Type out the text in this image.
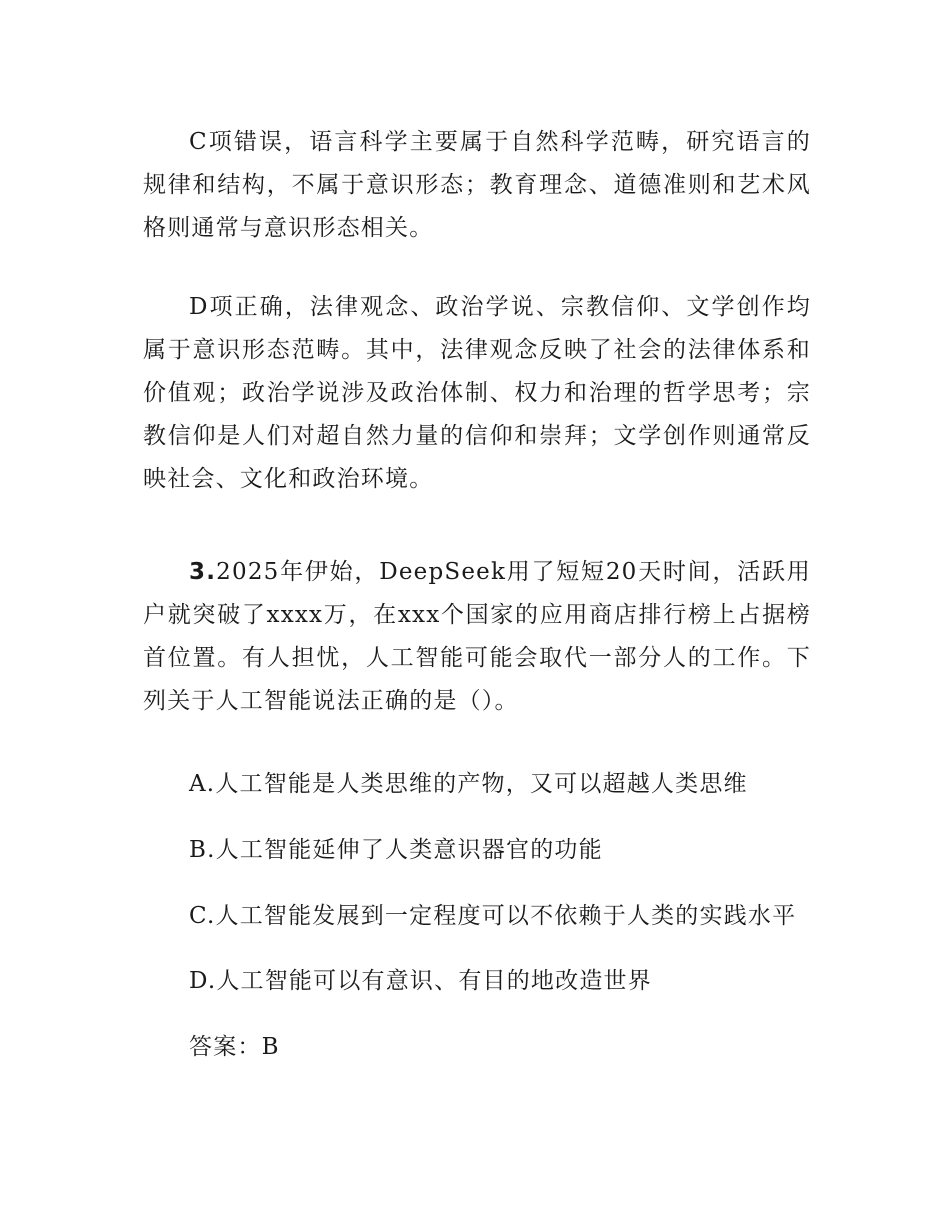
C项错误，语言科学主要属于自然科学范畴，研究语言的规律和结构，不属于意识形态；教育理念、道德准则和艺术风格则通常与意识形态相关。

D项正确，法律观念、政治学说、宗教信仰、文学创作均属于意识形态范畴。其中，法律观念反映了社会的法律体系和价值观；政治学说涉及政治体制、权力和治理的哲学思考；宗教信仰是人们对超自然力量的信仰和崇拜；文学创作则通常反映社会、文化和政治环境。

3.2025年伊始，DeepSeek用了短短20天时间，活跃用户就突破了xxxx万，在xxx个国家的应用商店排行榜上占据榜首位置。有人担忧，人工智能可能会取代一部分人的工作。下列关于人工智能说法正确的是（）。

A.人工智能是人类思维的产物，又可以超越人类思维

B.人工智能延伸了人类意识器官的功能

C.人工智能发展到一定程度可以不依赖于人类的实践水平

D.人工智能可以有意识、有目的地改造世界

答案：B
